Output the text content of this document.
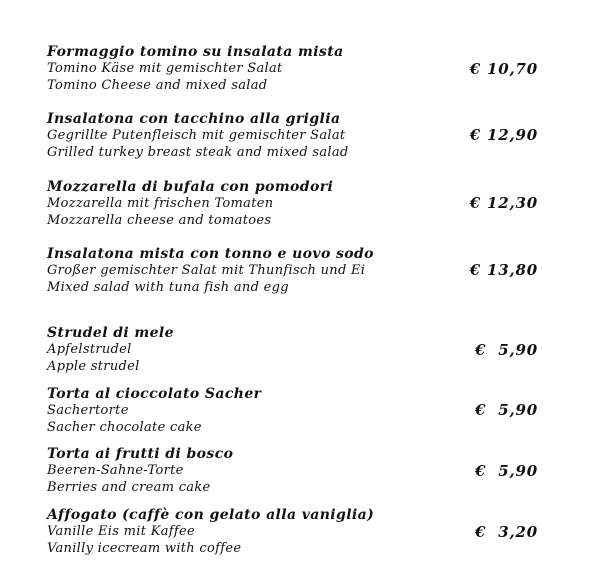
Formaggio tomino su insalata mista
Tomino Käse mit gemischter Salat
Tomino Cheese and mixed salad
€ 10,70
Insalatona con tacchino alla griglia
Gegrillte Putenfleisch mit gemischter Salat
Grilled turkey breast steak and mixed salad
€ 12,90
Mozzarella di bufala con pomodori
Mozzarella mit frischen Tomaten
Mozzarella cheese and tomatoes
€ 12,30
Insalatona mista con tonno e uovo sodo
Großer gemischter Salat mit Thunfisch und Ei
Mixed salad with tuna fish and egg
€ 13,80
Strudel di mele
Apfelstrudel
Apple strudel
€  5,90
Torta al cioccolato Sacher
Sachertorte
Sacher chocolate cake
€  5,90
Torta ai frutti di bosco
Beeren-Sahne-Torte
Berries and cream cake
€  5,90
Affogato (caffè con gelato alla vaniglia)
Vanille Eis mit Kaffee
Vanilly icecream with coffee
€  3,20
